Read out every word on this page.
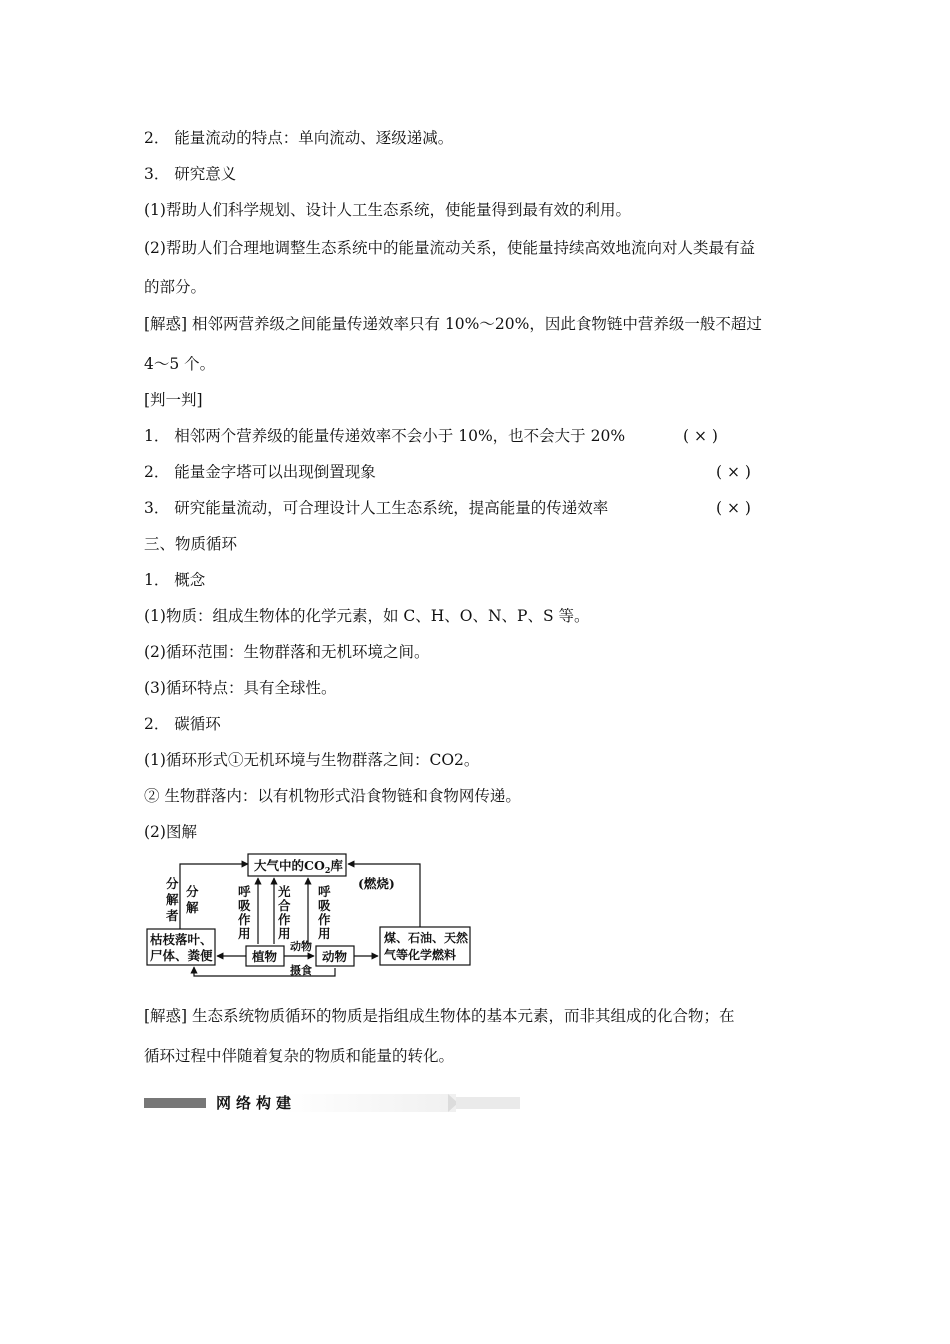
2． 能量流动的特点：单向流动、逐级递减。
3． 研究意义
(1)帮助人们科学规划、设计人工生态系统，使能量得到最有效的利用。
(2)帮助人们合理地调整生态系统中的能量流动关系，使能量持续高效地流向对人类最有益
的部分。
[解惑] 相邻两营养级之间能量传递效率只有 10%～20%，因此食物链中营养级一般不超过
4～5 个。
[判一判]
1． 相邻两个营养级的能量传递效率不会小于 10%，也不会大于 20%	( × )
2． 能量金字塔可以出现倒置现象	( × )
3． 研究能量流动，可合理设计人工生态系统，提高能量的传递效率	( × )
三、物质循环
1． 概念
(1)物质：组成生物体的化学元素，如 C、H、O、N、P、S 等。
(2)循环范围：生物群落和无机环境之间。
(3)循环特点：具有全球性。
2． 碳循环
(1)循环形式①无机环境与生物群落之间：CO2。
② 生物群落内：以有机物形式沿食物链和食物网传递。
(2)图解
大气中的$CO_2$库
(燃烧)
分
解
者
分
解
呼
吸
作
用
光
合
作
用
呼
吸
作
用
枯枝落叶、
尸体、粪便	植物	动物
动物
摄食
煤、石油、天然
气等化学燃料
[解惑] 生态系统物质循环的物质是指组成生物体的基本元素，而非其组成的化合物；在
循环过程中伴随着复杂的物质和能量的转化。
网络构建
